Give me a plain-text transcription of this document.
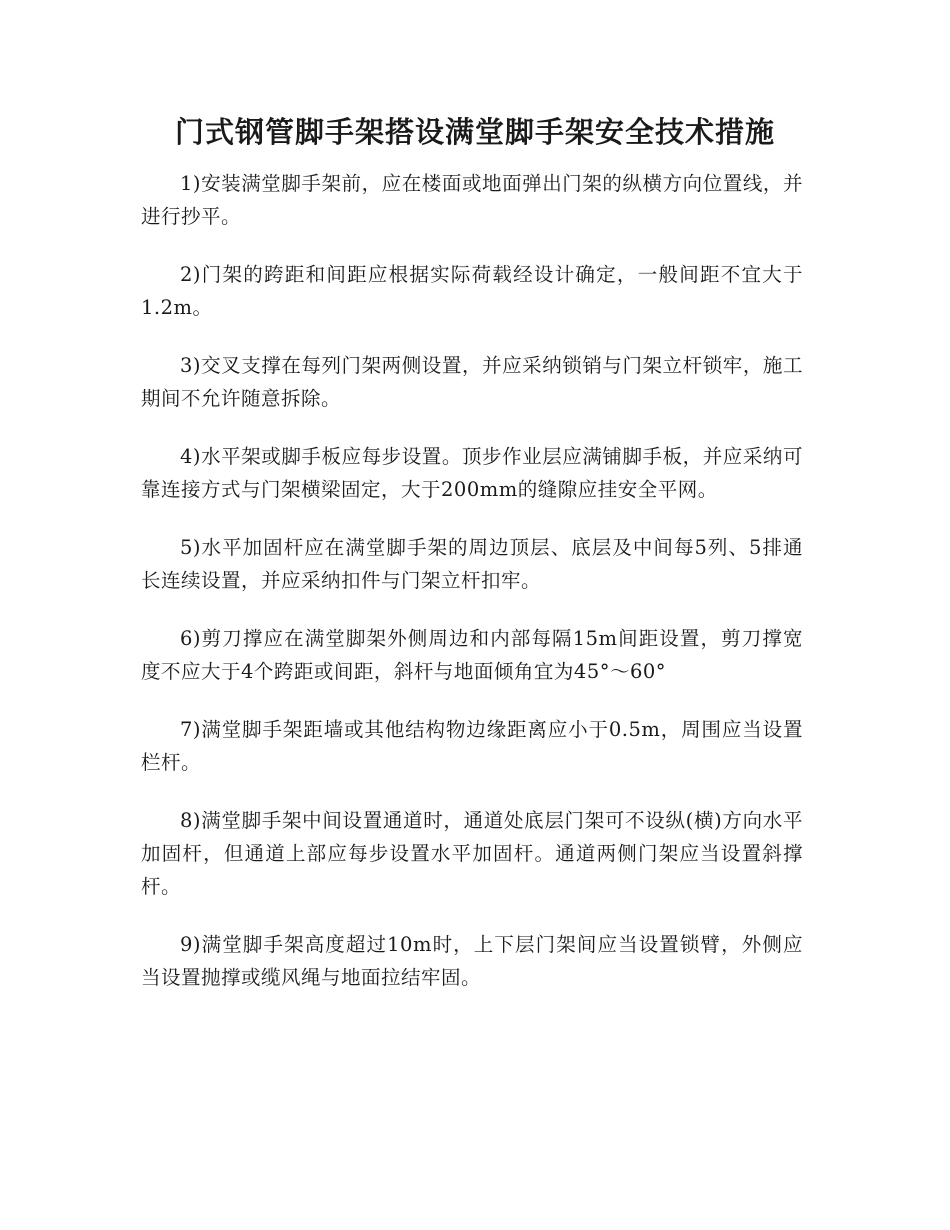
门式钢管脚手架搭设满堂脚手架安全技术措施

1)安装满堂脚手架前，应在楼面或地面弹出门架的纵横方向位置线，并进行抄平。

2)门架的跨距和间距应根据实际荷载经设计确定，一般间距不宜大于1.2m。

3)交叉支撑在每列门架两侧设置，并应采纳锁销与门架立杆锁牢，施工期间不允许随意拆除。

4)水平架或脚手板应每步设置。顶步作业层应满铺脚手板，并应采纳可靠连接方式与门架横梁固定，大于200mm的缝隙应挂安全平网。

5)水平加固杆应在满堂脚手架的周边顶层、底层及中间每5列、5排通长连续设置，并应采纳扣件与门架立杆扣牢。

6)剪刀撑应在满堂脚架外侧周边和内部每隔15m间距设置，剪刀撑宽度不应大于4个跨距或间距，斜杆与地面倾角宜为45°～60°

7)满堂脚手架距墙或其他结构物边缘距离应小于0.5m，周围应当设置栏杆。

8)满堂脚手架中间设置通道时，通道处底层门架可不设纵(横)方向水平加固杆，但通道上部应每步设置水平加固杆。通道两侧门架应当设置斜撑杆。

9)满堂脚手架高度超过10m时，上下层门架间应当设置锁臂，外侧应当设置抛撑或缆风绳与地面拉结牢固。
